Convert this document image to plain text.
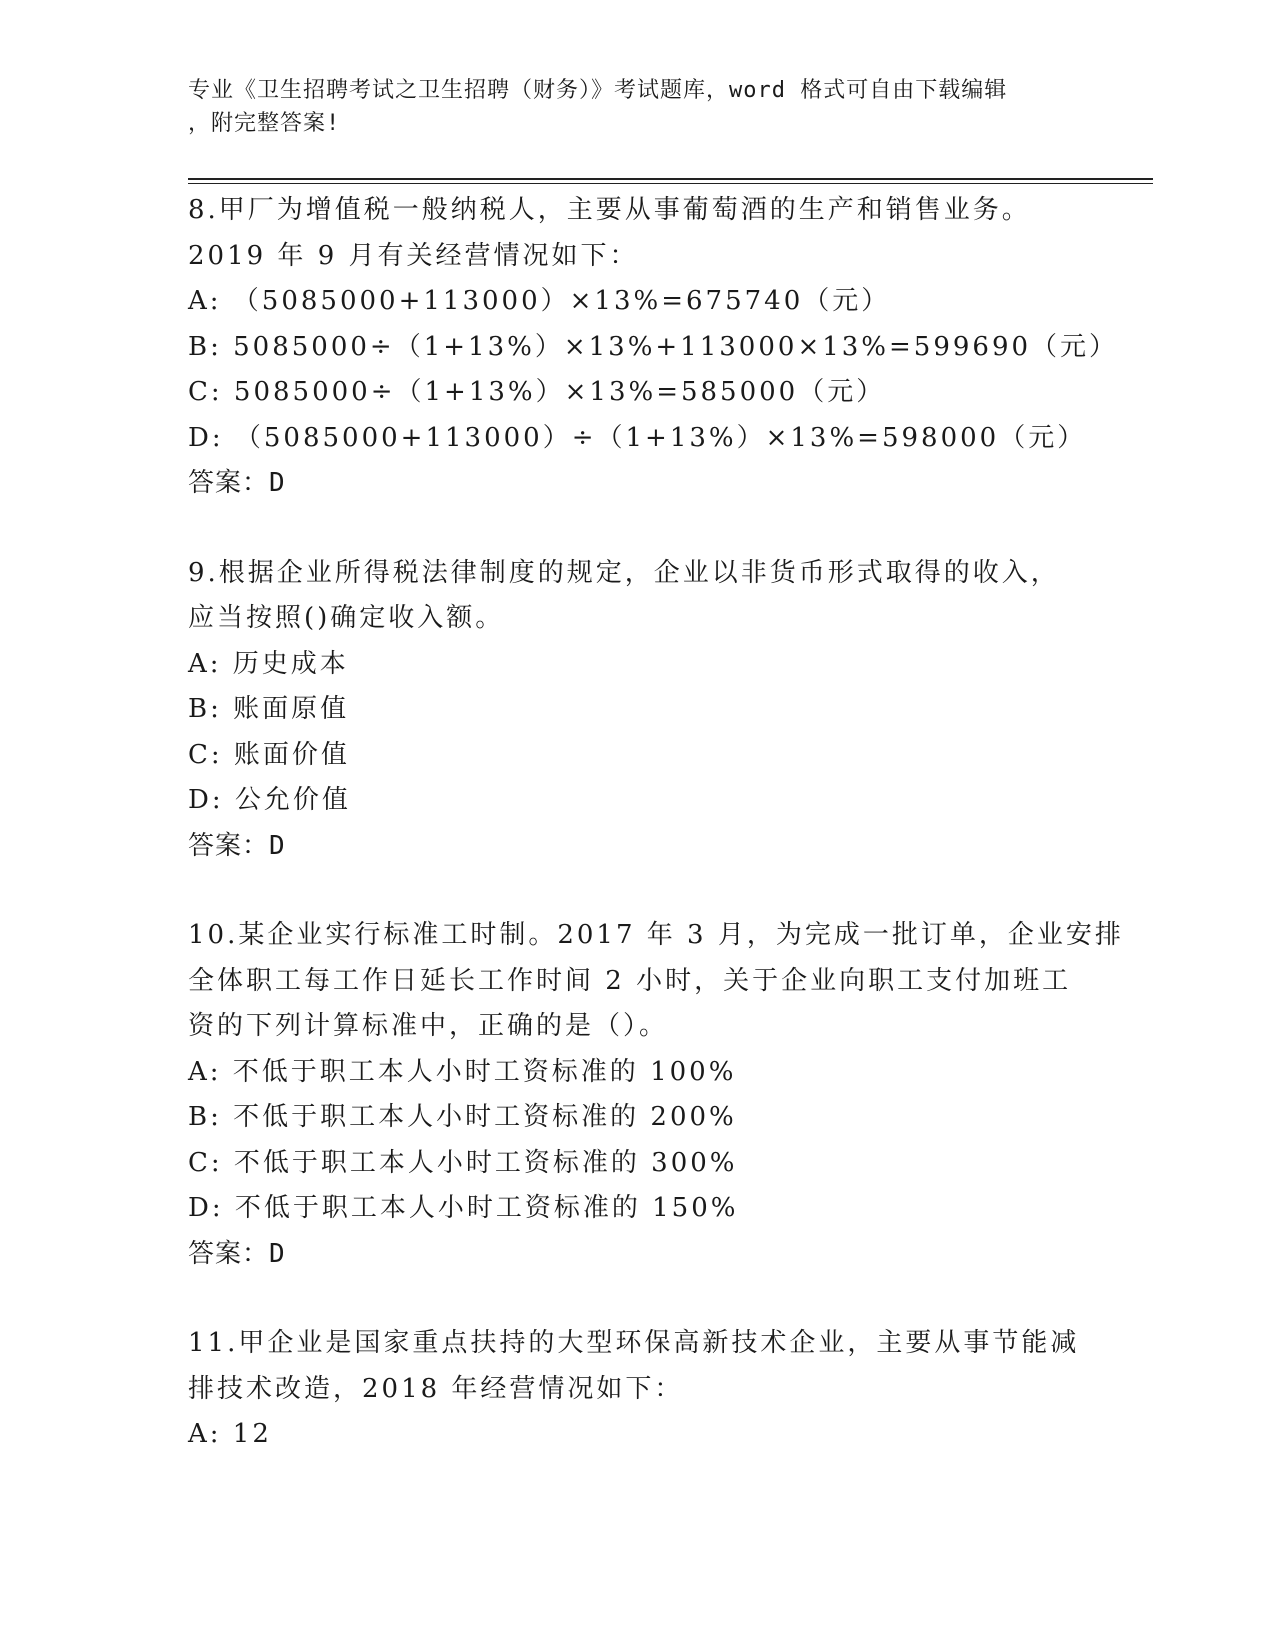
专业《卫生招聘考试之卫生招聘（财务）》考试题库，word 格式可自由下载编辑
，附完整答案!
8.甲厂为增值税一般纳税人，主要从事葡萄酒的生产和销售业务。
2019 年 9 月有关经营情况如下：
A: （5085000+113000）×13%=675740（元）
B: 5085000÷（1+13%）×13%+113000×13%=599690（元）
C: 5085000÷（1+13%）×13%=585000（元）
D: （5085000+113000）÷（1+13%）×13%=598000（元）
答案：D
9.根据企业所得税法律制度的规定，企业以非货币形式取得的收入，
应当按照()确定收入额。
A: 历史成本
B: 账面原值
C: 账面价值
D: 公允价值
答案：D
10.某企业实行标准工时制。2017 年 3 月，为完成一批订单，企业安排
全体职工每工作日延长工作时间 2 小时，关于企业向职工支付加班工
资的下列计算标准中，正确的是（）。
A: 不低于职工本人小时工资标准的 100%
B: 不低于职工本人小时工资标准的 200%
C: 不低于职工本人小时工资标准的 300%
D: 不低于职工本人小时工资标准的 150%
答案：D
11.甲企业是国家重点扶持的大型环保高新技术企业，主要从事节能减
排技术改造，2018 年经营情况如下：
A: 12
